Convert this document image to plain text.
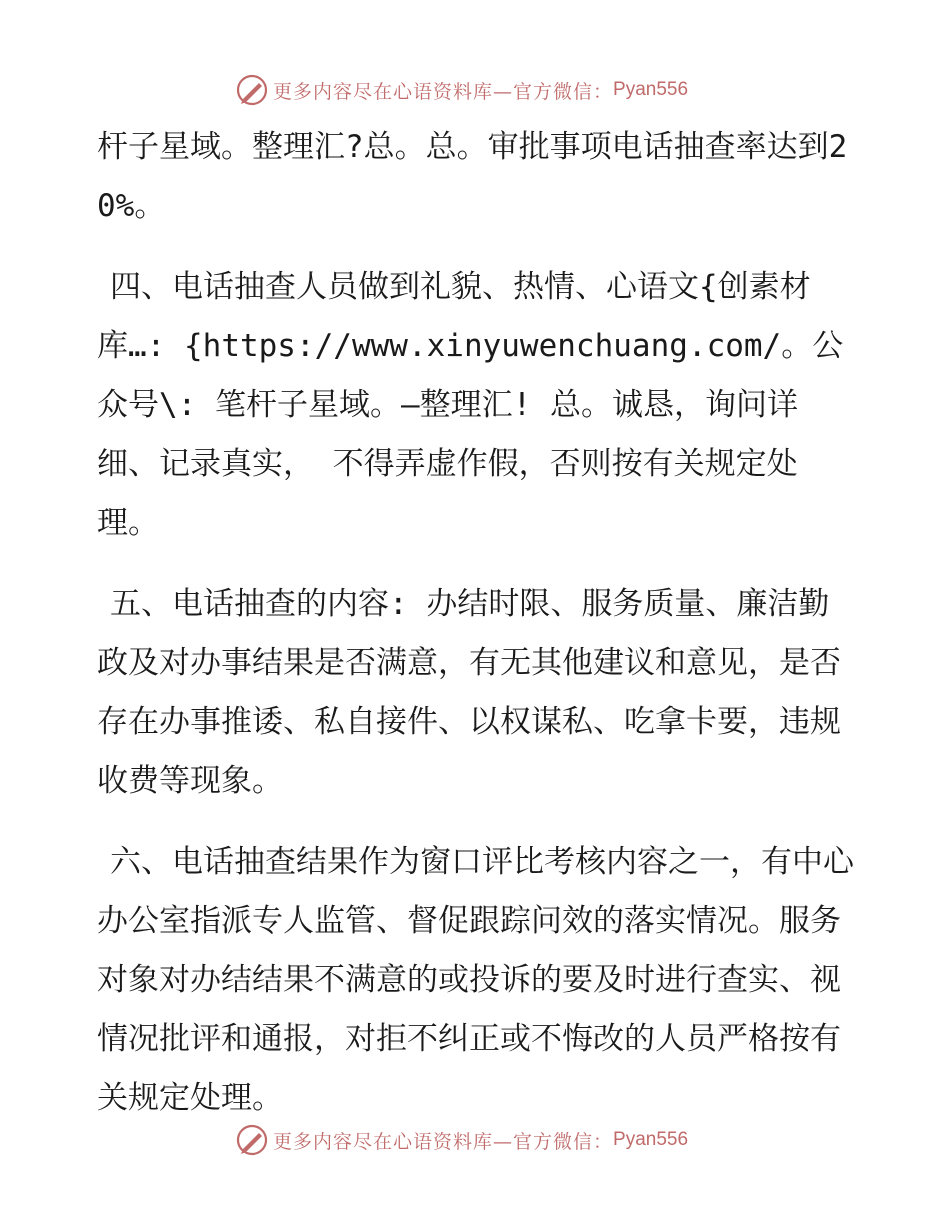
更多内容尽在心语资料库—官方微信： Pyan556

杆子星域。整理汇?总。总。审批事项电话抽查率达到20%。

四、电话抽查人员做到礼貌、热情、心语文{创素材库…: {https://www.xinyuwenchuang.com/。公众号\: 笔杆子星域。—整理汇! 总。诚恳，询问详细、记录真实， 不得弄虚作假，否则按有关规定处理。

五、电话抽查的内容: 办结时限、服务质量、廉洁勤政及对办事结果是否满意，有无其他建议和意见，是否存在办事推诿、私自接件、以权谋私、吃拿卡要，违规收费等现象。

六、电话抽查结果作为窗口评比考核内容之一，有中心办公室指派专人监管、督促跟踪问效的落实情况。服务对象对办结结果不满意的或投诉的要及时进行查实、视情况批评和通报，对拒不纠正或不悔改的人员严格按有关规定处理。

更多内容尽在心语资料库—官方微信： Pyan556
